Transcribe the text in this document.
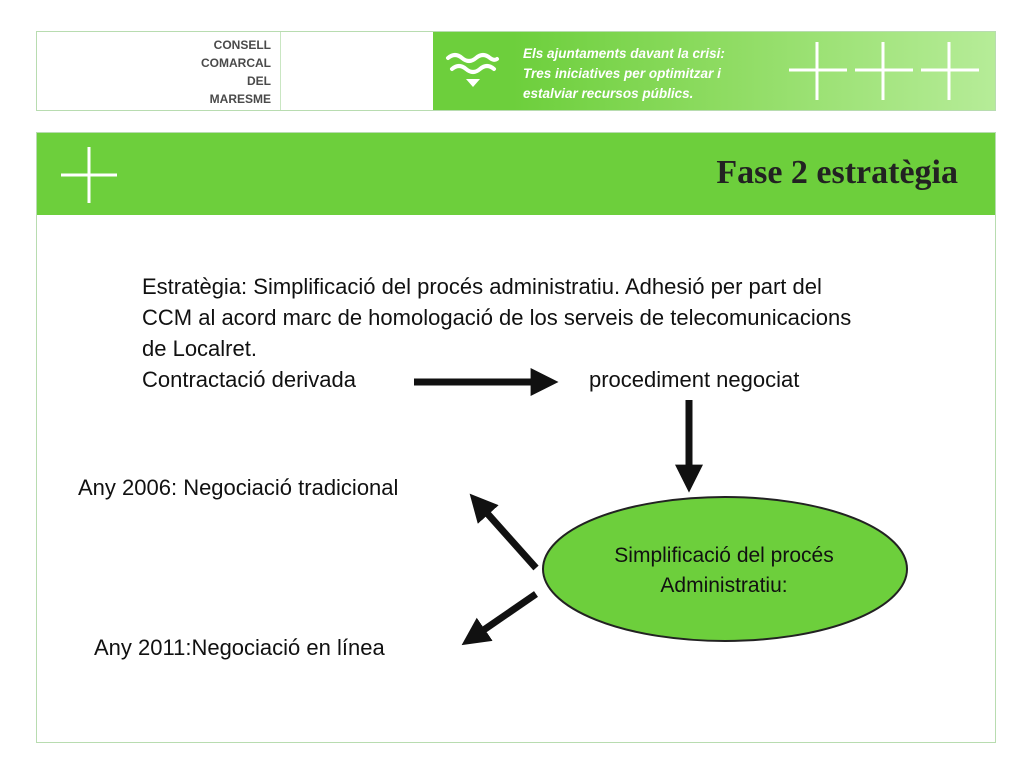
CONSELL
COMARCAL
DEL
MARESME
Els ajuntaments davant la crisi:
Tres iniciatives per optimitzar i
estalviar recursos públics.
Fase 2 estratègia
Estratègia: Simplificació del procés administratiu. Adhesió per part del
CCM al acord marc de homologació de los serveis de telecomunicacions
de Localret.
Contractació derivada	procediment negociat
Any 2006: Negociació tradicional
Any 2011:Negociació en línea
Simplificació del procés
Administratiu:
